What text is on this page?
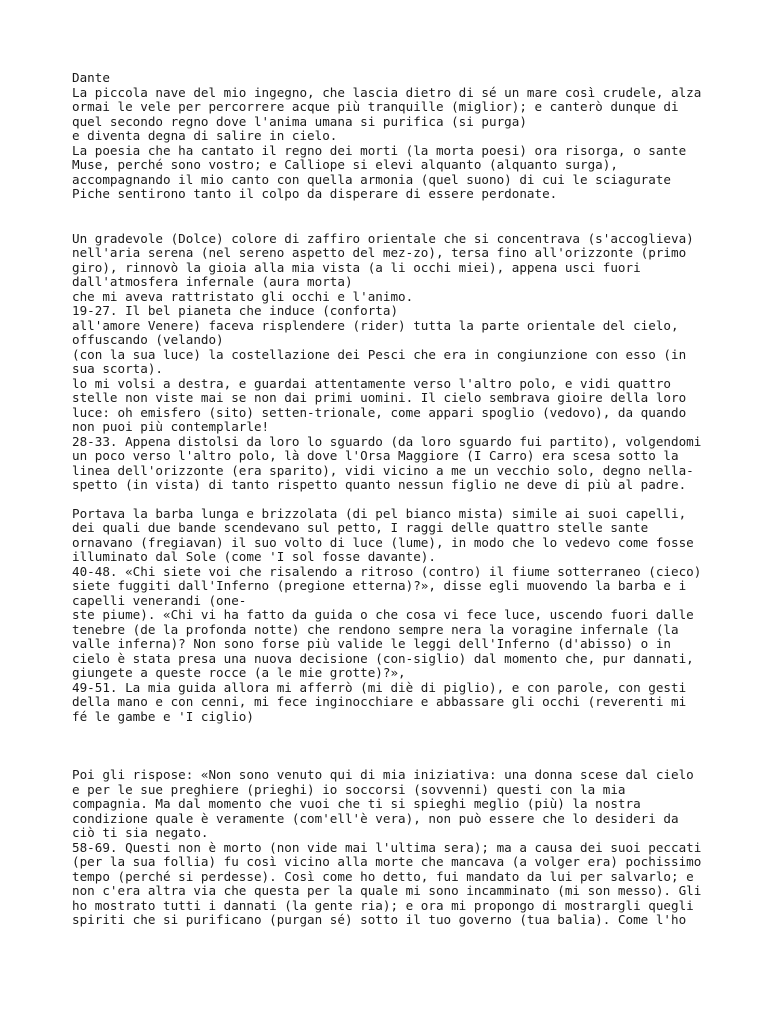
Dante
La piccola nave del mio ingegno, che lascia dietro di sé un mare così crudele, alza
ormai le vele per percorrere acque più tranquille (miglior); e canterò dunque di
quel secondo regno dove l'anima umana si purifica (si purga)
e diventa degna di salire in cielo.
La poesia che ha cantato il regno dei morti (la morta poesi) ora risorga, o sante
Muse, perché sono vostro; e Calliope si elevi alquanto (alquanto surga),
accompagnando il mio canto con quella armonia (quel suono) di cui le sciagurate
Piche sentirono tanto il colpo da disperare di essere perdonate.
Un gradevole (Dolce) colore di zaffiro orientale che si concentrava (s'accoglieva)
nell'aria serena (nel sereno aspetto del mez-zo), tersa fino all'orizzonte (primo
giro), rinnovò la gioia alla mia vista (a li occhi miei), appena usci fuori
dall'atmosfera infernale (aura morta)
che mi aveva rattristato gli occhi e l'animo.
19-27. Il bel pianeta che induce (conforta)
all'amore Venere) faceva risplendere (rider) tutta la parte orientale del cielo,
offuscando (velando)
(con la sua luce) la costellazione dei Pesci che era in congiunzione con esso (in
sua scorta).
lo mi volsi a destra, e guardai attentamente verso l'altro polo, e vidi quattro
stelle non viste mai se non dai primi uomini. Il cielo sembrava gioire della loro
luce: oh emisfero (sito) setten-trionale, come appari spoglio (vedovo), da quando
non puoi più contemplarle!
28-33. Appena distolsi da loro lo sguardo (da loro sguardo fui partito), volgendomi
un poco verso l'altro polo, là dove l'Orsa Maggiore (I Carro) era scesa sotto la
linea dell'orizzonte (era sparito), vidi vicino a me un vecchio solo, degno nella-
spetto (in vista) di tanto rispetto quanto nessun figlio ne deve di più al padre.
Portava la barba lunga e brizzolata (di pel bianco mista) simile ai suoi capelli,
dei quali due bande scendevano sul petto, I raggi delle quattro stelle sante
ornavano (fregiavan) il suo volto di luce (lume), in modo che lo vedevo come fosse
illuminato dal Sole (come 'I sol fosse davante).
40-48. «Chi siete voi che risalendo a ritroso (contro) il fiume sotterraneo (cieco)
siete fuggiti dall'Inferno (pregione etterna)?», disse egli muovendo la barba e i
capelli venerandi (one-
ste piume). «Chi vi ha fatto da guida o che cosa vi fece luce, uscendo fuori dalle
tenebre (de la profonda notte) che rendono sempre nera la voragine infernale (la
valle inferna)? Non sono forse più valide le leggi dell'Inferno (d'abisso) o in
cielo è stata presa una nuova decisione (con-siglio) dal momento che, pur dannati,
giungete a queste rocce (a le mie grotte)?»,
49-51. La mia guida allora mi afferrò (mi diè di piglio), e con parole, con gesti
della mano e con cenni, mi fece inginocchiare e abbassare gli occhi (reverenti mi
fé le gambe e 'I ciglio)
Poi gli rispose: «Non sono venuto qui di mia iniziativa: una donna scese dal cielo
e per le sue preghiere (prieghi) io soccorsi (sovvenni) questi con la mia
compagnia. Ma dal momento che vuoi che ti si spieghi meglio (più) la nostra
condizione quale è veramente (com'ell'è vera), non può essere che lo desideri da
ciò ti sia negato.
58-69. Questi non è morto (non vide mai l'ultima sera); ma a causa dei suoi peccati
(per la sua follia) fu così vicino alla morte che mancava (a volger era) pochissimo
tempo (perché si perdesse). Così come ho detto, fui mandato da lui per salvarlo; e
non c'era altra via che questa per la quale mi sono incamminato (mi son messo). Gli
ho mostrato tutti i dannati (la gente ria); e ora mi propongo di mostrargli quegli
spiriti che si purificano (purgan sé) sotto il tuo governo (tua balia). Come l'ho
